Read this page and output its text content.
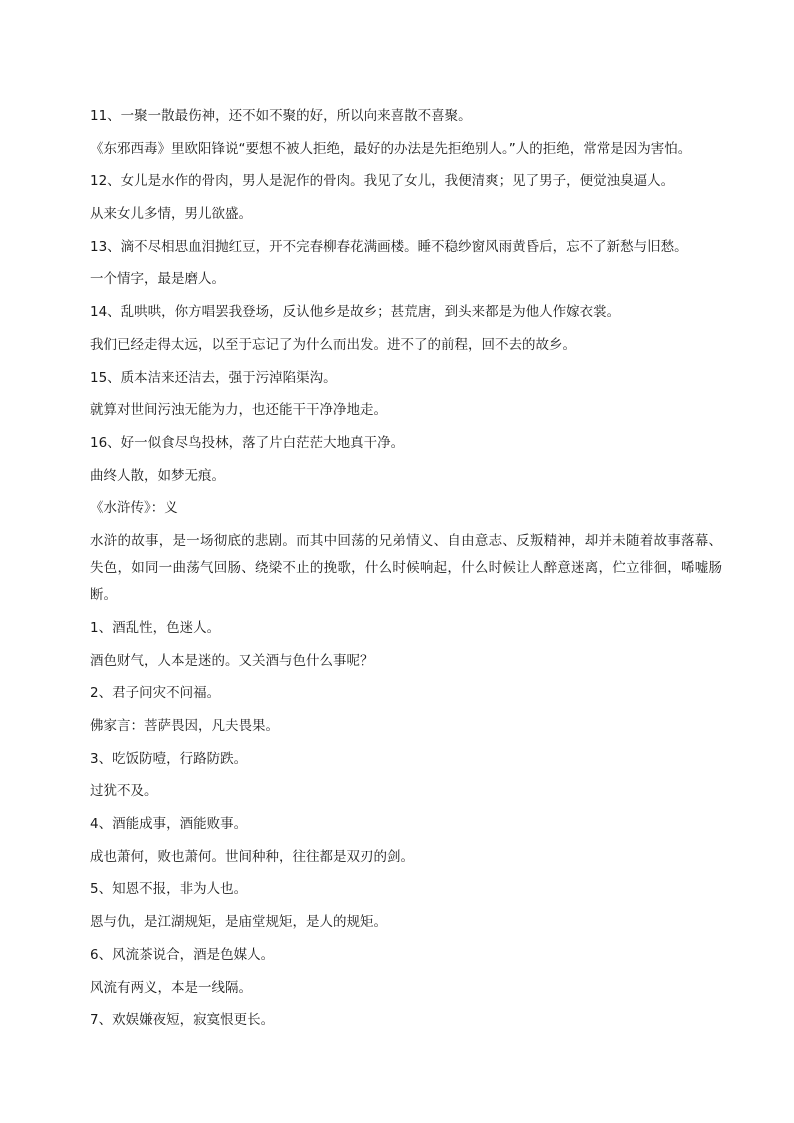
11、一聚一散最伤神，还不如不聚的好，所以向来喜散不喜聚。
《东邪西毒》里欧阳锋说“要想不被人拒绝，最好的办法是先拒绝别人。”人的拒绝，常常是因为害怕。
12、女儿是水作的骨肉，男人是泥作的骨肉。我见了女儿，我便清爽；见了男子，便觉浊臭逼人。
从来女儿多情，男儿欲盛。
13、滴不尽相思血泪抛红豆，开不完春柳春花满画楼。睡不稳纱窗风雨黄昏后，忘不了新愁与旧愁。
一个情字，最是磨人。
14、乱哄哄，你方唱罢我登场，反认他乡是故乡；甚荒唐，到头来都是为他人作嫁衣裳。
我们已经走得太远，以至于忘记了为什么而出发。进不了的前程，回不去的故乡。
15、质本洁来还洁去，强于污淖陷渠沟。
就算对世间污浊无能为力，也还能干干净净地走。
16、好一似食尽鸟投林，落了片白茫茫大地真干净。
曲终人散，如梦无痕。
《水浒传》：义
水浒的故事，是一场彻底的悲剧。而其中回荡的兄弟情义、自由意志、反叛精神，却并未随着故事落幕、失色，如同一曲荡气回肠、绕梁不止的挽歌，什么时候响起，什么时候让人醉意迷离，伫立徘徊，唏嘘肠断。
1、酒乱性，色迷人。
酒色财气，人本是迷的。又关酒与色什么事呢？
2、君子问灾不问福。
佛家言：菩萨畏因，凡夫畏果。
3、吃饭防噎，行路防跌。
过犹不及。
4、酒能成事，酒能败事。
成也萧何，败也萧何。世间种种，往往都是双刃的剑。
5、知恩不报，非为人也。
恩与仇，是江湖规矩，是庙堂规矩，是人的规矩。
6、风流茶说合，酒是色媒人。
风流有两义，本是一线隔。
7、欢娱嫌夜短，寂寞恨更长。
